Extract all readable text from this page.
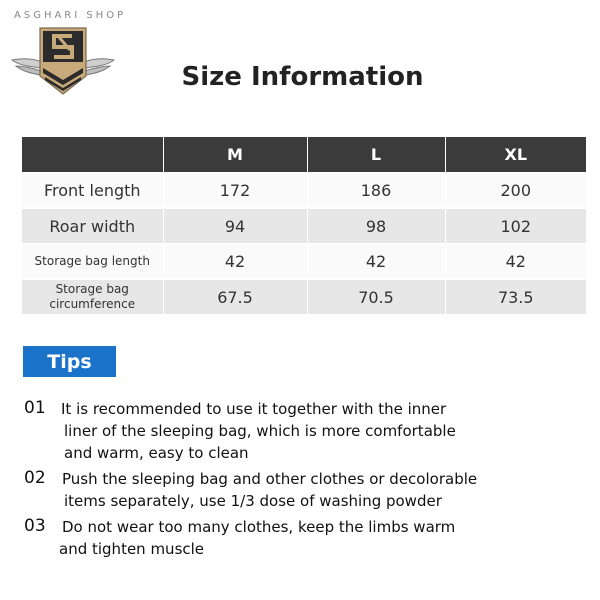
ASGHARI SHOP
Size Information
	M	L	XL
Front length	172	186	200
Roar width	94	98	102
Storage bag length	42	42	42

Storage bag
circumference	67.5	70.5	73.5
Tips
01 It is recommended to use it together with the inner
liner of the sleeping bag, which is more comfortable
and warm, easy to clean
02 Push the sleeping bag and other clothes or decolorable
items separately, use 1/3 dose of washing powder
03 Do not wear too many clothes, keep the limbs warm
and tighten muscle
